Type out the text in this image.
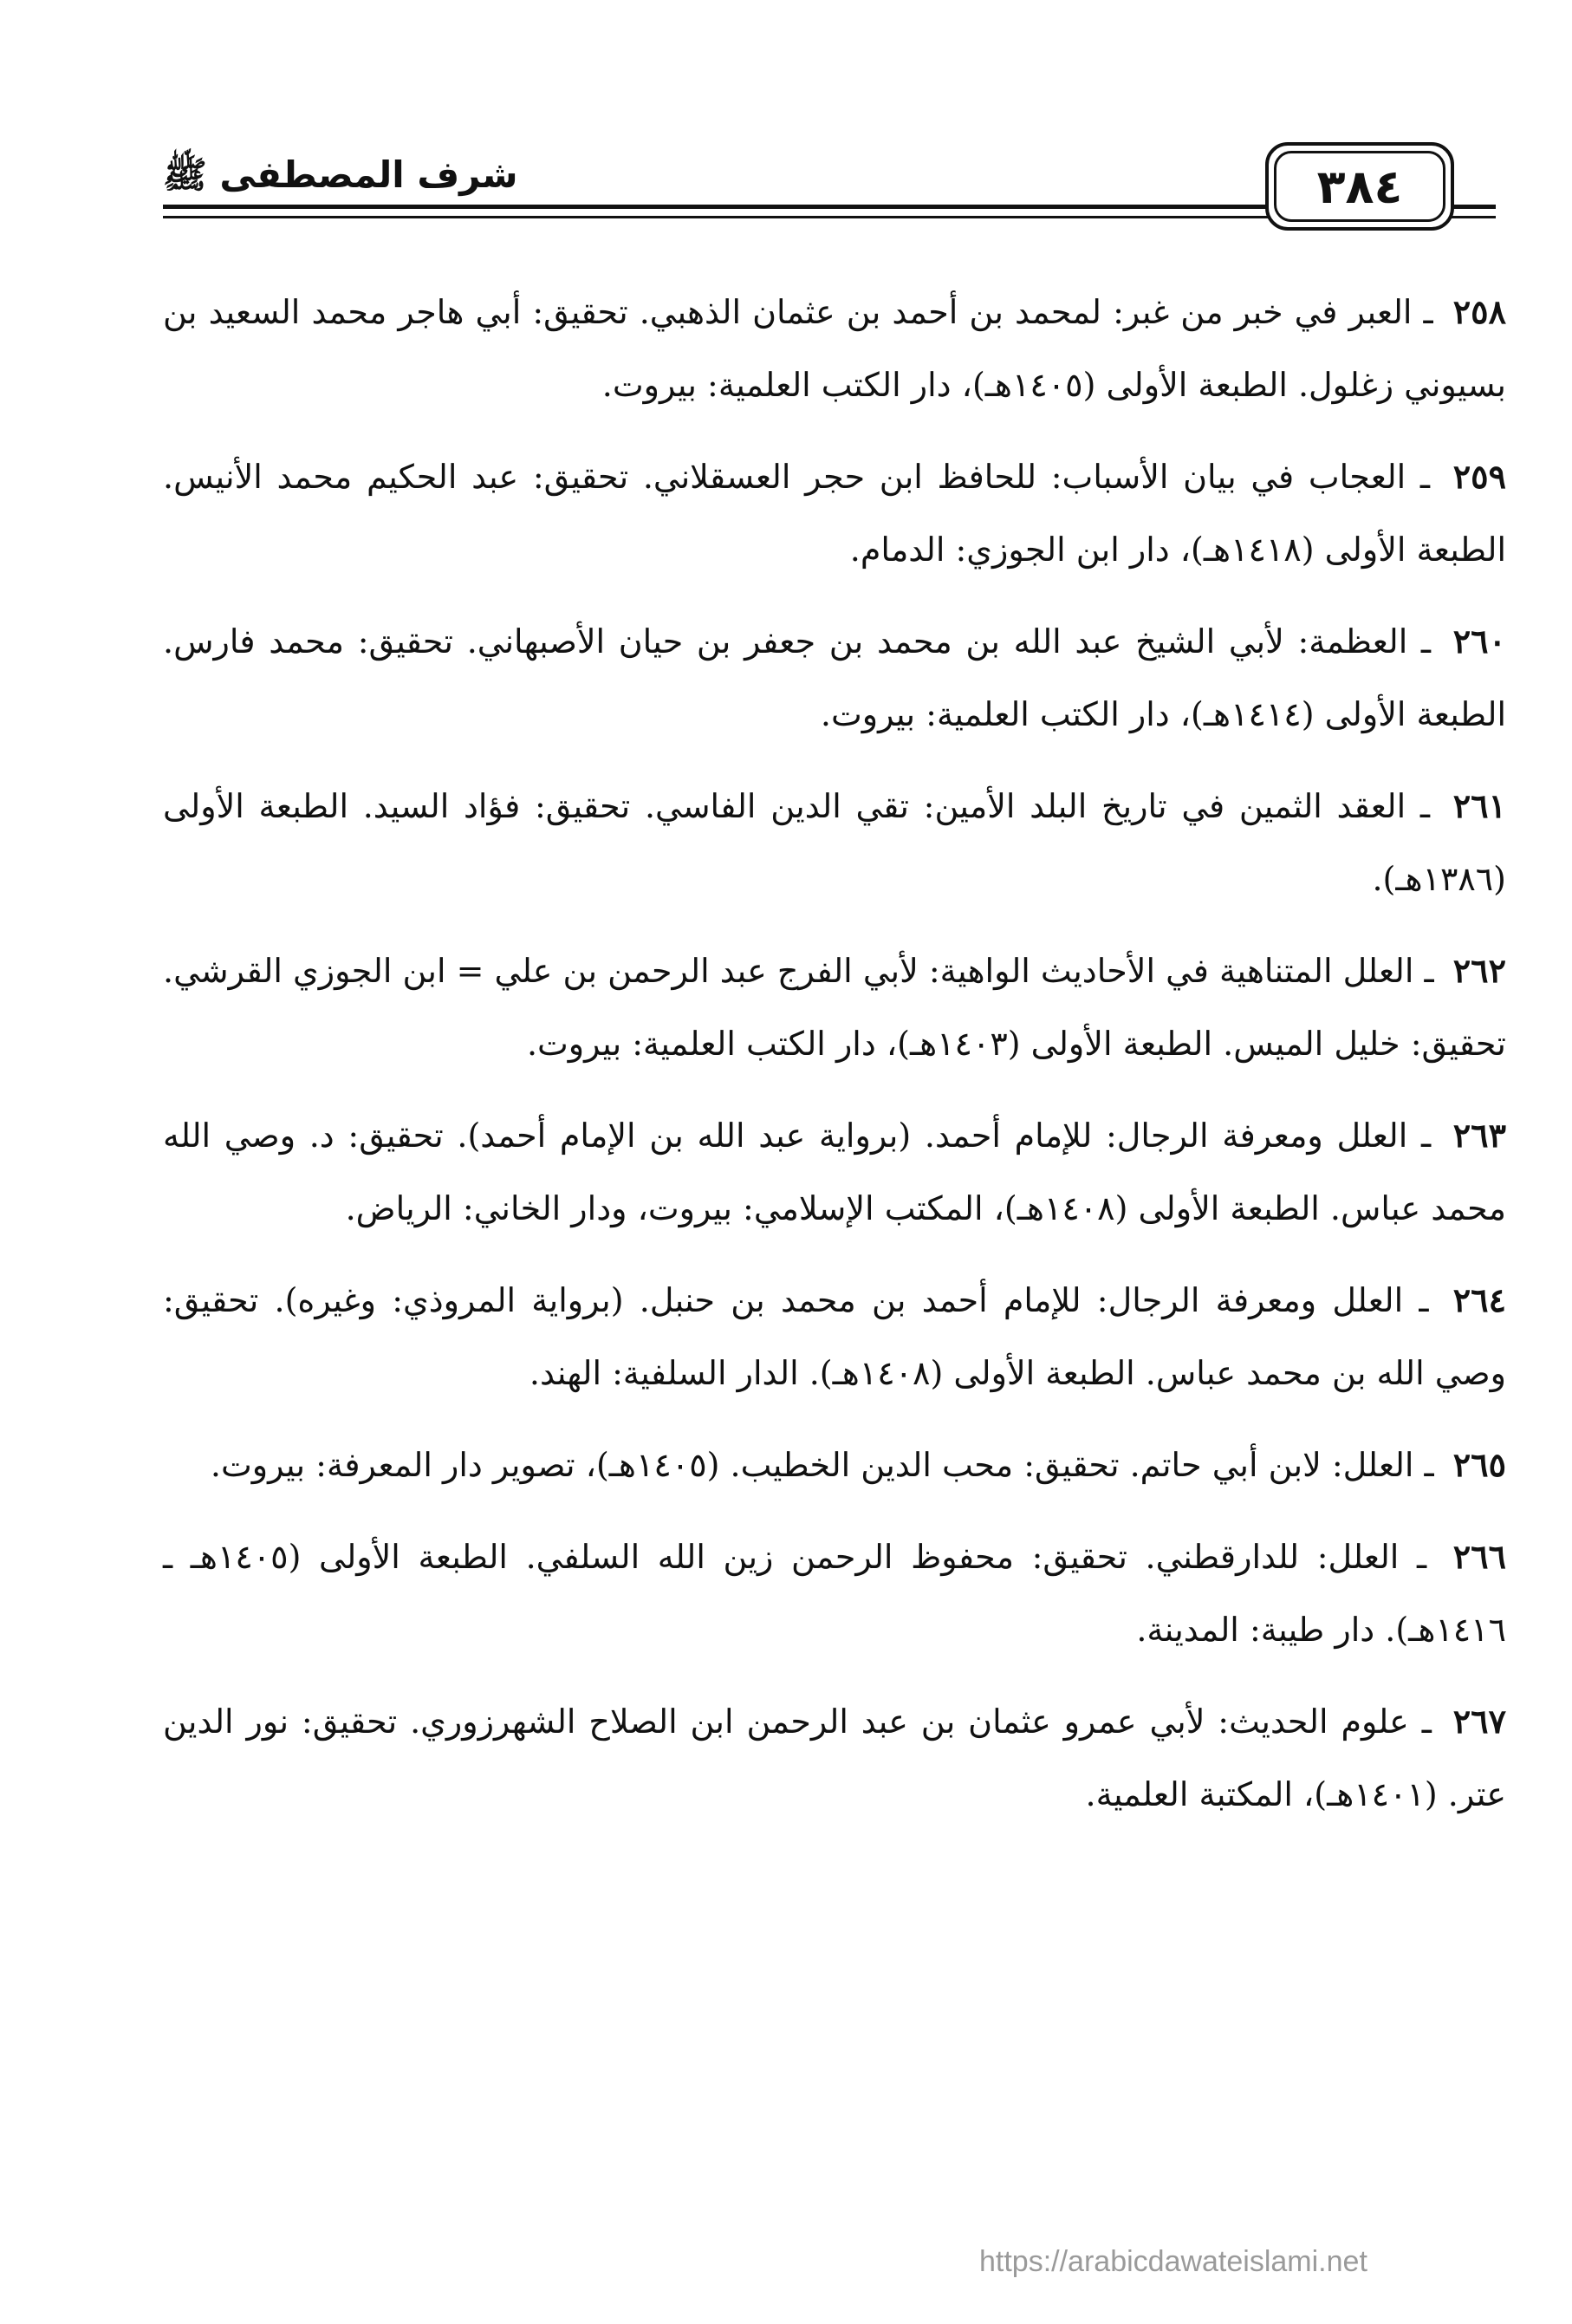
شرف المصطفى ﷺ	٣٨٤
٢٥٨ ـ العبر في خبر من غبر: لمحمد بن أحمد بن عثمان الذهبي. تحقيق: أبي هاجر محمد السعيد بن بسيوني زغلول. الطبعة الأولى (١٤٠٥هـ)، دار الكتب العلمية: بيروت.
٢٥٩ ـ العجاب في بيان الأسباب: للحافظ ابن حجر العسقلاني. تحقيق: عبد الحكيم محمد الأنيس. الطبعة الأولى (١٤١٨هـ)، دار ابن الجوزي: الدمام.
٢٦٠ ـ العظمة: لأبي الشيخ عبد الله بن محمد بن جعفر بن حيان الأصبهاني. تحقيق: محمد فارس. الطبعة الأولى (١٤١٤هـ)، دار الكتب العلمية: بيروت.
٢٦١ ـ العقد الثمين في تاريخ البلد الأمين: تقي الدين الفاسي. تحقيق: فؤاد السيد. الطبعة الأولى (١٣٨٦هـ).
٢٦٢ ـ العلل المتناهية في الأحاديث الواهية: لأبي الفرج عبد الرحمن بن علي = ابن الجوزي القرشي. تحقيق: خليل الميس. الطبعة الأولى (١٤٠٣هـ)، دار الكتب العلمية: بيروت.
٢٦٣ ـ العلل ومعرفة الرجال: للإمام أحمد. (برواية عبد الله بن الإمام أحمد). تحقيق: د. وصي الله محمد عباس. الطبعة الأولى (١٤٠٨هـ)، المكتب الإسلامي: بيروت، ودار الخاني: الرياض.
٢٦٤ ـ العلل ومعرفة الرجال: للإمام أحمد بن محمد بن حنبل. (برواية المروذي: وغيره). تحقيق: وصي الله بن محمد عباس. الطبعة الأولى (١٤٠٨هـ). الدار السلفية: الهند.
٢٦٥ ـ العلل: لابن أبي حاتم. تحقيق: محب الدين الخطيب. (١٤٠٥هـ)، تصوير دار المعرفة: بيروت.
٢٦٦ ـ العلل: للدارقطني. تحقيق: محفوظ الرحمن زين الله السلفي. الطبعة الأولى (١٤٠٥هـ ـ ١٤١٦هـ). دار طيبة: المدينة.
٢٦٧ ـ علوم الحديث: لأبي عمرو عثمان بن عبد الرحمن ابن الصلاح الشهرزوري. تحقيق: نور الدين عتر. (١٤٠١هـ)، المكتبة العلمية.
https://arabicdawateislami.net
